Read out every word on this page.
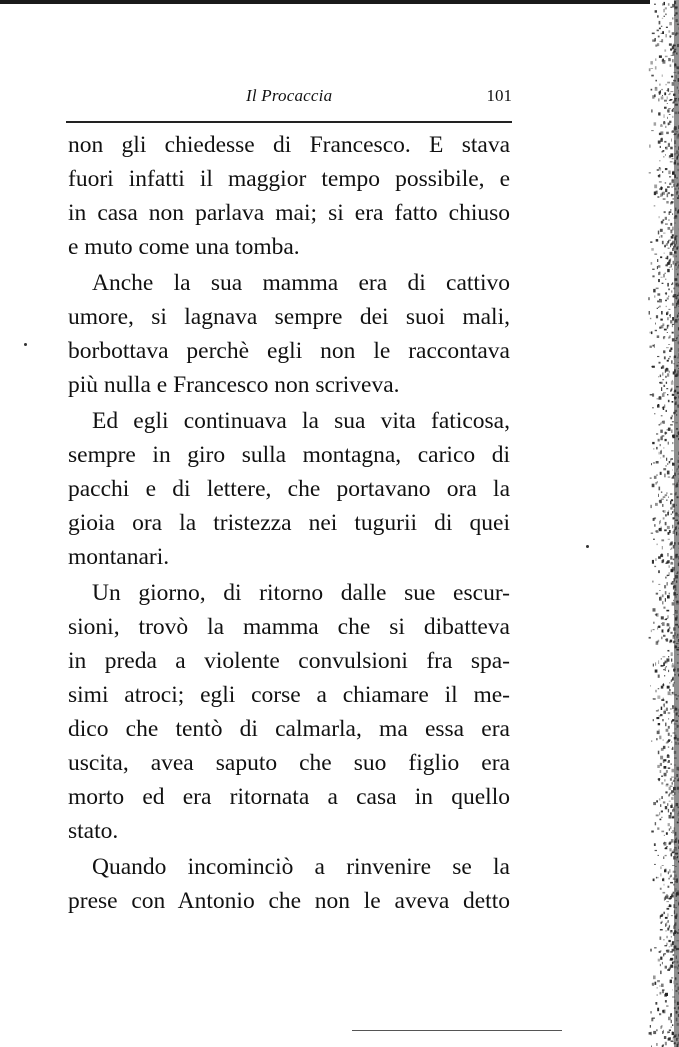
Il Procaccia	101
non gli chiedesse di Francesco. E stava
fuori infatti il maggior tempo possibile, e
in casa non parlava mai; si era fatto chiuso
e muto come una tomba.
Anche la sua mamma era di cattivo
umore, si lagnava sempre dei suoi mali,
borbottava perchè egli non le raccontava
più nulla e Francesco non scriveva.
Ed egli continuava la sua vita faticosa,
sempre in giro sulla montagna, carico di
pacchi e di lettere, che portavano ora la
gioia ora la tristezza nei tugurii di quei
montanari.
Un giorno, di ritorno dalle sue escur-
sioni, trovò la mamma che si dibatteva
in preda a violente convulsioni fra spa-
simi atroci; egli corse a chiamare il me-
dico che tentò di calmarla, ma essa era
uscita, avea saputo che suo figlio era
morto ed era ritornata a casa in quello
stato.
Quando incominciò a rinvenire se la
prese con Antonio che non le aveva detto
